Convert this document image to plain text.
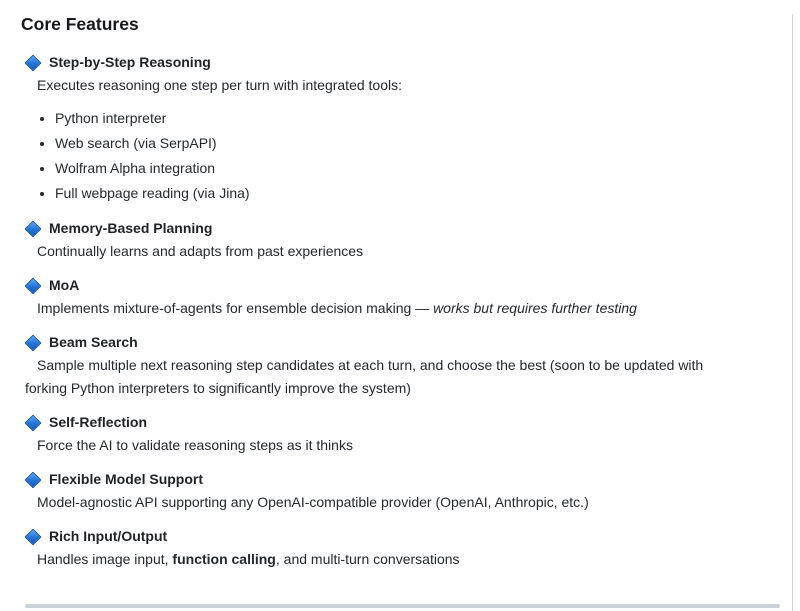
Core Features
Step-by-Step Reasoning

Executes reasoning one step per turn with integrated tools:

• Python interpreter
• Web search (via SerpAPI)
• Wolfram Alpha integration
• Full webpage reading (via Jina)
Memory-Based Planning

Continually learns and adapts from past experiences

MoA

Implements mixture-of-agents for ensemble decision making — works but requires further testing

Beam Search

Sample multiple next reasoning step candidates at each turn, and choose the best (soon to be updated with forking Python interpreters to significantly improve the system)

Self-Reflection

Force the AI to validate reasoning steps as it thinks

Flexible Model Support

Model-agnostic API supporting any OpenAI-compatible provider (OpenAI, Anthropic, etc.)

Rich Input/Output

Handles image input, function calling, and multi-turn conversations
